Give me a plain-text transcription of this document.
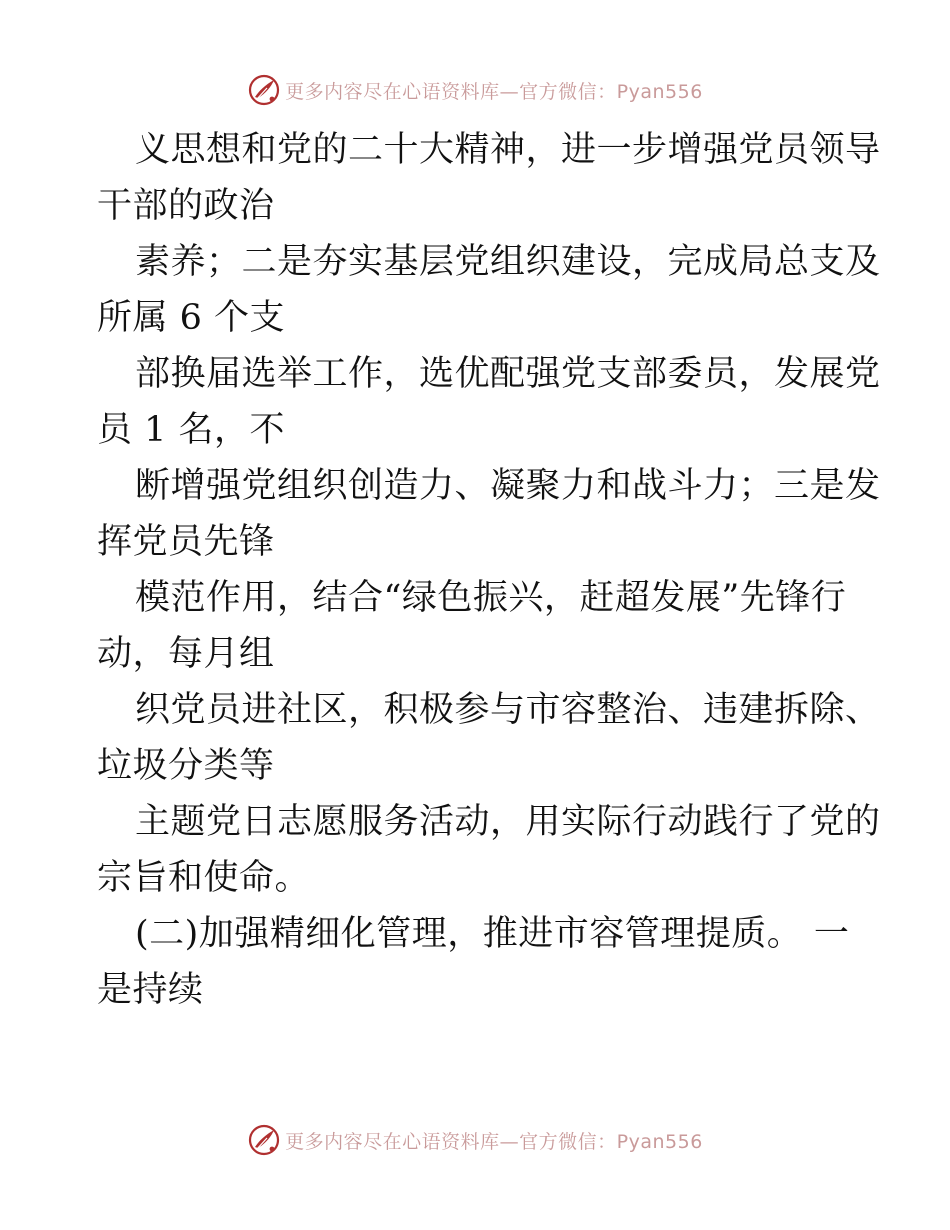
更多内容尽在心语资料库—官方微信：Pyan556

义思想和党的二十大精神，进一步增强党员领导
干部的政治

素养；二是夯实基层党组织建设，完成局总支及
所属 6 个支

部换届选举工作，选优配强党支部委员，发展党
员 1 名，不

断增强党组织创造力、凝聚力和战斗力；三是发
挥党员先锋

模范作用，结合“绿色振兴，赶超发展”先锋行
动，每月组

织党员进社区，积极参与市容整治、违建拆除、
垃圾分类等

主题党日志愿服务活动，用实际行动践行了党的
宗旨和使命。

(二)加强精细化管理，推进市容管理提质。 一
是持续

更多内容尽在心语资料库—官方微信：Pyan556
